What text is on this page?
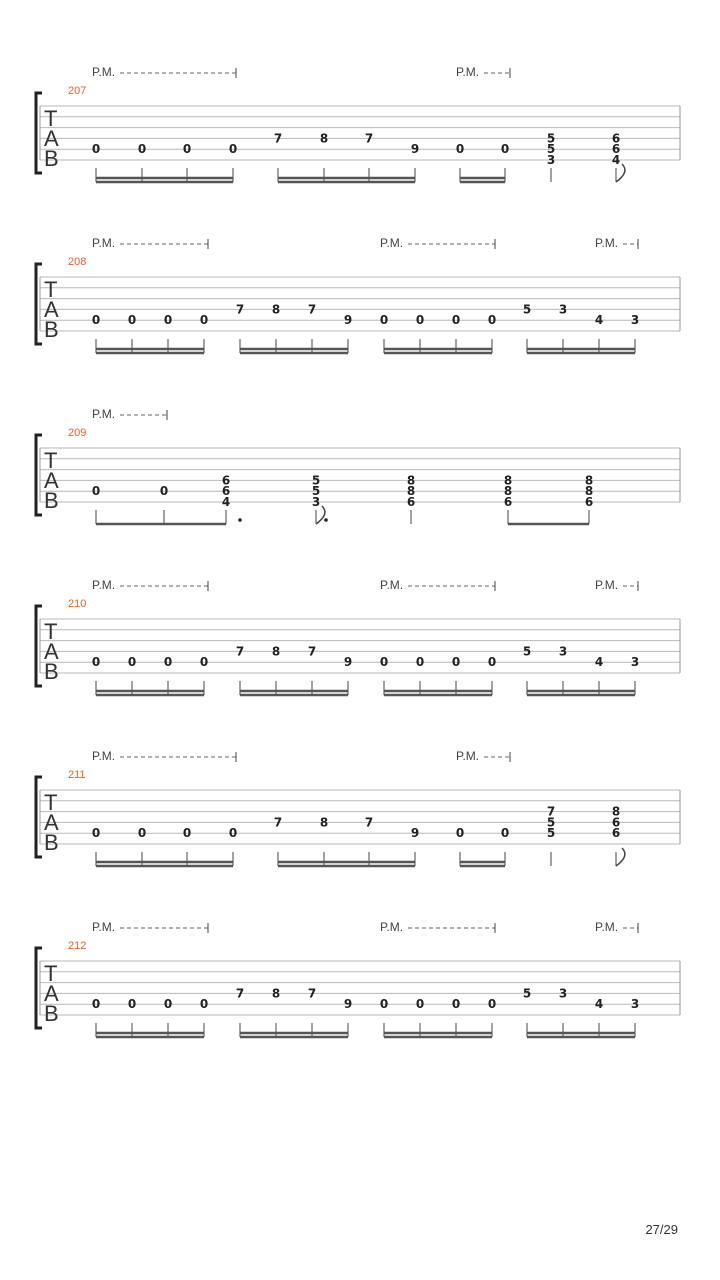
T
A
B
207
P.M.	P.M.
0	0	0	0
7	8	7
9	0	0
5
5
3
6
6
4
T
A
B
208
P.M.	P.M.	P.M.
0 0 0 0
7 8 7
9 0 0 0 0
5 3
4 3
T
A
B
209
P.M.
0	0
6
6
4
5
5
3
8
8
6
8
8
6
8
8
6
T
A
B
210
P.M.	P.M.	P.M.
0 0 0 0
7 8 7
9 0 0 0 0
5 3
4 3
T
A
B
211
P.M.	P.M.
0	0	0	0
7	8	7
9	0	0
7
5
5
8
6
6
T
A
B
212
P.M.	P.M.	P.M.
0 0 0 0
7 8 7
9 0 0 0 0
5 3
4 3
27/29
